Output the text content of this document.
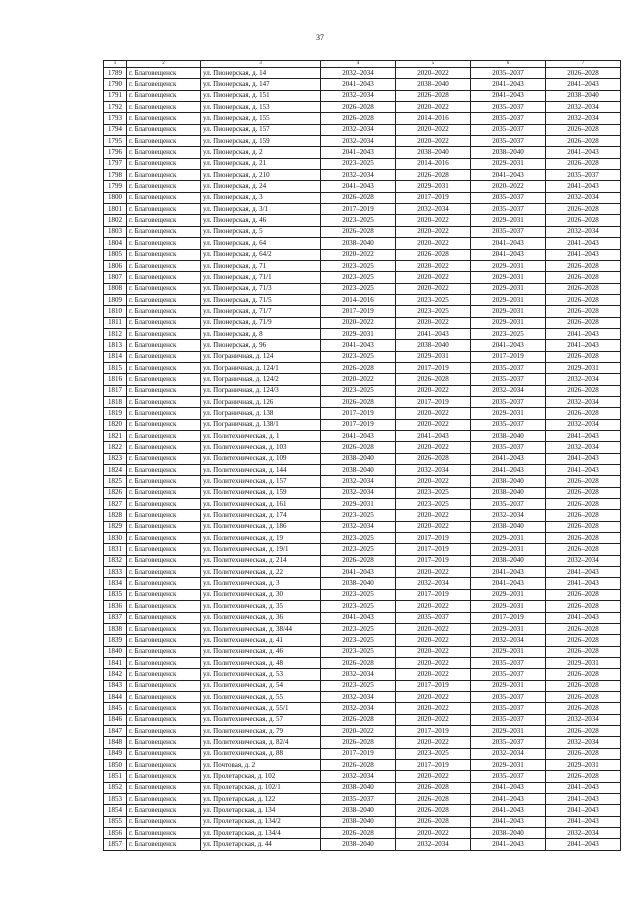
37
1	2	3	4	5	6	7
1789	г. Благовещенск	ул. Пионерская, д. 14	2032–2034	2020–2022	2035–2037	2026–2028
1790	г. Благовещенск	ул. Пионерская, д. 147	2041–2043	2038–2040	2041–2043	2041–2043
1791	г. Благовещенск	ул. Пионерская, д. 151	2032–2034	2026–2028	2041–2043	2038–2040
1792	г. Благовещенск	ул. Пионерская, д. 153	2026–2028	2020–2022	2035–2037	2032–2034
1793	г. Благовещенск	ул. Пионерская, д. 155	2026–2028	2014–2016	2035–2037	2032–2034
1794	г. Благовещенск	ул. Пионерская, д. 157	2032–2034	2020–2022	2035–2037	2026–2028
1795	г. Благовещенск	ул. Пионерская, д. 159	2032–2034	2020–2022	2035–2037	2026–2028
1796	г. Благовещенск	ул. Пионерская, д. 2	2041–2043	2038–2040	2038–2040	2041–2043
1797	г. Благовещенск	ул. Пионерская, д. 21	2023–2025	2014–2016	2029–2031	2026–2028
1798	г. Благовещенск	ул. Пионерская, д. 210	2032–2034	2026–2028	2041–2043	2035–2037
1799	г. Благовещенск	ул. Пионерская, д. 24	2041–2043	2029–2031	2020–2022	2041–2043
1800	г. Благовещенск	ул. Пионерская, д. 3	2026–2028	2017–2019	2035–2037	2032–2034
1801	г. Благовещенск	ул. Пионерская, д. 3/1	2017–2019	2032–2034	2035–2037	2026–2028
1802	г. Благовещенск	ул. Пионерская, д. 46	2023–2025	2020–2022	2029–2031	2026–2028
1803	г. Благовещенск	ул. Пионерская, д. 5	2026–2028	2020–2022	2035–2037	2032–2034
1804	г. Благовещенск	ул. Пионерская, д. 64	2038–2040	2020–2022	2041–2043	2041–2043
1805	г. Благовещенск	ул. Пионерская, д. 64/2	2020–2022	2026–2028	2041–2043	2041–2043
1806	г. Благовещенск	ул. Пионерская, д. 71	2023–2025	2020–2022	2029–2031	2026–2028
1807	г. Благовещенск	ул. Пионерская, д. 71/1	2023–2025	2020–2022	2029–2031	2026–2028
1808	г. Благовещенск	ул. Пионерская, д. 71/3	2023–2025	2020–2022	2029–2031	2026–2028
1809	г. Благовещенск	ул. Пионерская, д. 71/5	2014–2016	2023–2025	2029–2031	2026–2028
1810	г. Благовещенск	ул. Пионерская, д. 71/7	2017–2019	2023–2025	2029–2031	2026–2028
1811	г. Благовещенск	ул. Пионерская, д. 71/9	2020–2022	2020–2022	2029–2031	2026–2028
1812	г. Благовещенск	ул. Пионерская, д. 8	2029–2031	2041–2043	2023–2025	2041–2043
1813	г. Благовещенск	ул. Пионерская, д. 96	2041–2043	2038–2040	2041–2043	2041–2043
1814	г. Благовещенск	ул. Пограничная, д. 124	2023–2025	2029–2031	2017–2019	2026–2028
1815	г. Благовещенск	ул. Пограничная, д. 124/1	2026–2028	2017–2019	2035–2037	2029–2031
1816	г. Благовещенск	ул. Пограничная, д. 124/2	2020–2022	2026–2028	2035–2037	2032–2034
1817	г. Благовещенск	ул. Пограничная, д. 124/3	2023–2025	2020–2022	2032–2034	2026–2028
1818	г. Благовещенск	ул. Пограничная, д. 126	2026–2028	2017–2019	2035–2037	2032–2034
1819	г. Благовещенск	ул. Пограничная, д. 138	2017–2019	2020–2022	2029–2031	2026–2028
1820	г. Благовещенск	ул. Пограничная, д. 138/1	2017–2019	2020–2022	2035–2037	2032–2034
1821	г. Благовещенск	ул. Политехническая, д. 1	2041–2043	2041–2043	2038–2040	2041–2043
1822	г. Благовещенск	ул. Политехническая, д. 103	2026–2028	2020–2022	2035–2037	2032–2034
1823	г. Благовещенск	ул. Политехническая, д. 109	2038–2040	2026–2028	2041–2043	2041–2043
1824	г. Благовещенск	ул. Политехническая, д. 144	2038–2040	2032–2034	2041–2043	2041–2043
1825	г. Благовещенск	ул. Политехническая, д. 157	2032–2034	2020–2022	2038–2040	2026–2028
1826	г. Благовещенск	ул. Политехническая, д. 159	2032–2034	2023–2025	2038–2040	2026–2028
1827	г. Благовещенск	ул. Политехническая, д. 161	2029–2031	2023–2025	2035–2037	2026–2028
1828	г. Благовещенск	ул. Политехническая, д. 174	2023–2025	2020–2022	2032–2034	2026–2028
1829	г. Благовещенск	ул. Политехническая, д. 186	2032–2034	2020–2022	2038–2040	2026–2028
1830	г. Благовещенск	ул. Политехническая, д. 19	2023–2025	2017–2019	2029–2031	2026–2028
1831	г. Благовещенск	ул. Политехническая, д. 19/1	2023–2025	2017–2019	2029–2031	2026–2028
1832	г. Благовещенск	ул. Политехническая, д. 214	2026–2028	2017–2019	2038–2040	2032–2034
1833	г. Благовещенск	ул. Политехническая, д. 22	2041–2043	2020–2022	2041–2043	2041–2043
1834	г. Благовещенск	ул. Политехническая, д. 3	2038–2040	2032–2034	2041–2043	2041–2043
1835	г. Благовещенск	ул. Политехническая, д. 30	2023–2025	2017–2019	2029–2031	2026–2028
1836	г. Благовещенск	ул. Политехническая, д. 35	2023–2025	2020–2022	2029–2031	2026–2028
1837	г. Благовещенск	ул. Политехническая, д. 36	2041–2043	2035–2037	2017–2019	2041–2043
1838	г. Благовещенск	ул. Политехническая, д. 38/44	2023–2025	2020–2022	2029–2031	2026–2028
1839	г. Благовещенск	ул. Политехническая, д. 41	2023–2025	2020–2022	2032–2034	2026–2028
1840	г. Благовещенск	ул. Политехническая, д. 46	2023–2025	2020–2022	2029–2031	2026–2028
1841	г. Благовещенск	ул. Политехническая, д. 48	2026–2028	2020–2022	2035–2037	2029–2031
1842	г. Благовещенск	ул. Политехническая, д. 53	2032–2034	2020–2022	2035–2037	2026–2028
1843	г. Благовещенск	ул. Политехническая, д. 54	2023–2025	2017–2019	2029–2031	2026–2028
1844	г. Благовещенск	ул. Политехническая, д. 55	2032–2034	2020–2022	2035–2037	2026–2028
1845	г. Благовещенск	ул. Политехническая, д. 55/1	2032–2034	2020–2022	2035–2037	2026–2028
1846	г. Благовещенск	ул. Политехническая, д. 57	2026–2028	2020–2022	2035–2037	2032–2034
1847	г. Благовещенск	ул. Политехническая, д. 79	2020–2022	2017–2019	2029–2031	2026–2028
1848	г. Благовещенск	ул. Политехническая, д. 82/4	2026–2028	2020–2022	2035–2037	2032–2034
1849	г. Благовещенск	ул. Политехническая, д. 88	2017–2019	2023–2025	2032–2034	2026–2028
1850	г. Благовещенск	ул. Почтовая, д. 2	2026–2028	2017–2019	2029–2031	2029–2031
1851	г. Благовещенск	ул. Пролетарская, д. 102	2032–2034	2020–2022	2035–2037	2026–2028
1852	г. Благовещенск	ул. Пролетарская, д. 102/1	2038–2040	2026–2028	2041–2043	2041–2043
1853	г. Благовещенск	ул. Пролетарская, д. 122	2035–2037	2026–2028	2041–2043	2041–2043
1854	г. Благовещенск	ул. Пролетарская, д. 134	2038–2040	2026–2028	2041–2043	2041–2043
1855	г. Благовещенск	ул. Пролетарская, д. 134/2	2038–2040	2026–2028	2041–2043	2041–2043
1856	г. Благовещенск	ул. Пролетарская, д. 134/4	2026–2028	2020–2022	2038–2040	2032–2034
1857	г. Благовещенск	ул. Пролетарская, д. 44	2038–2040	2032–2034	2041–2043	2041–2043
